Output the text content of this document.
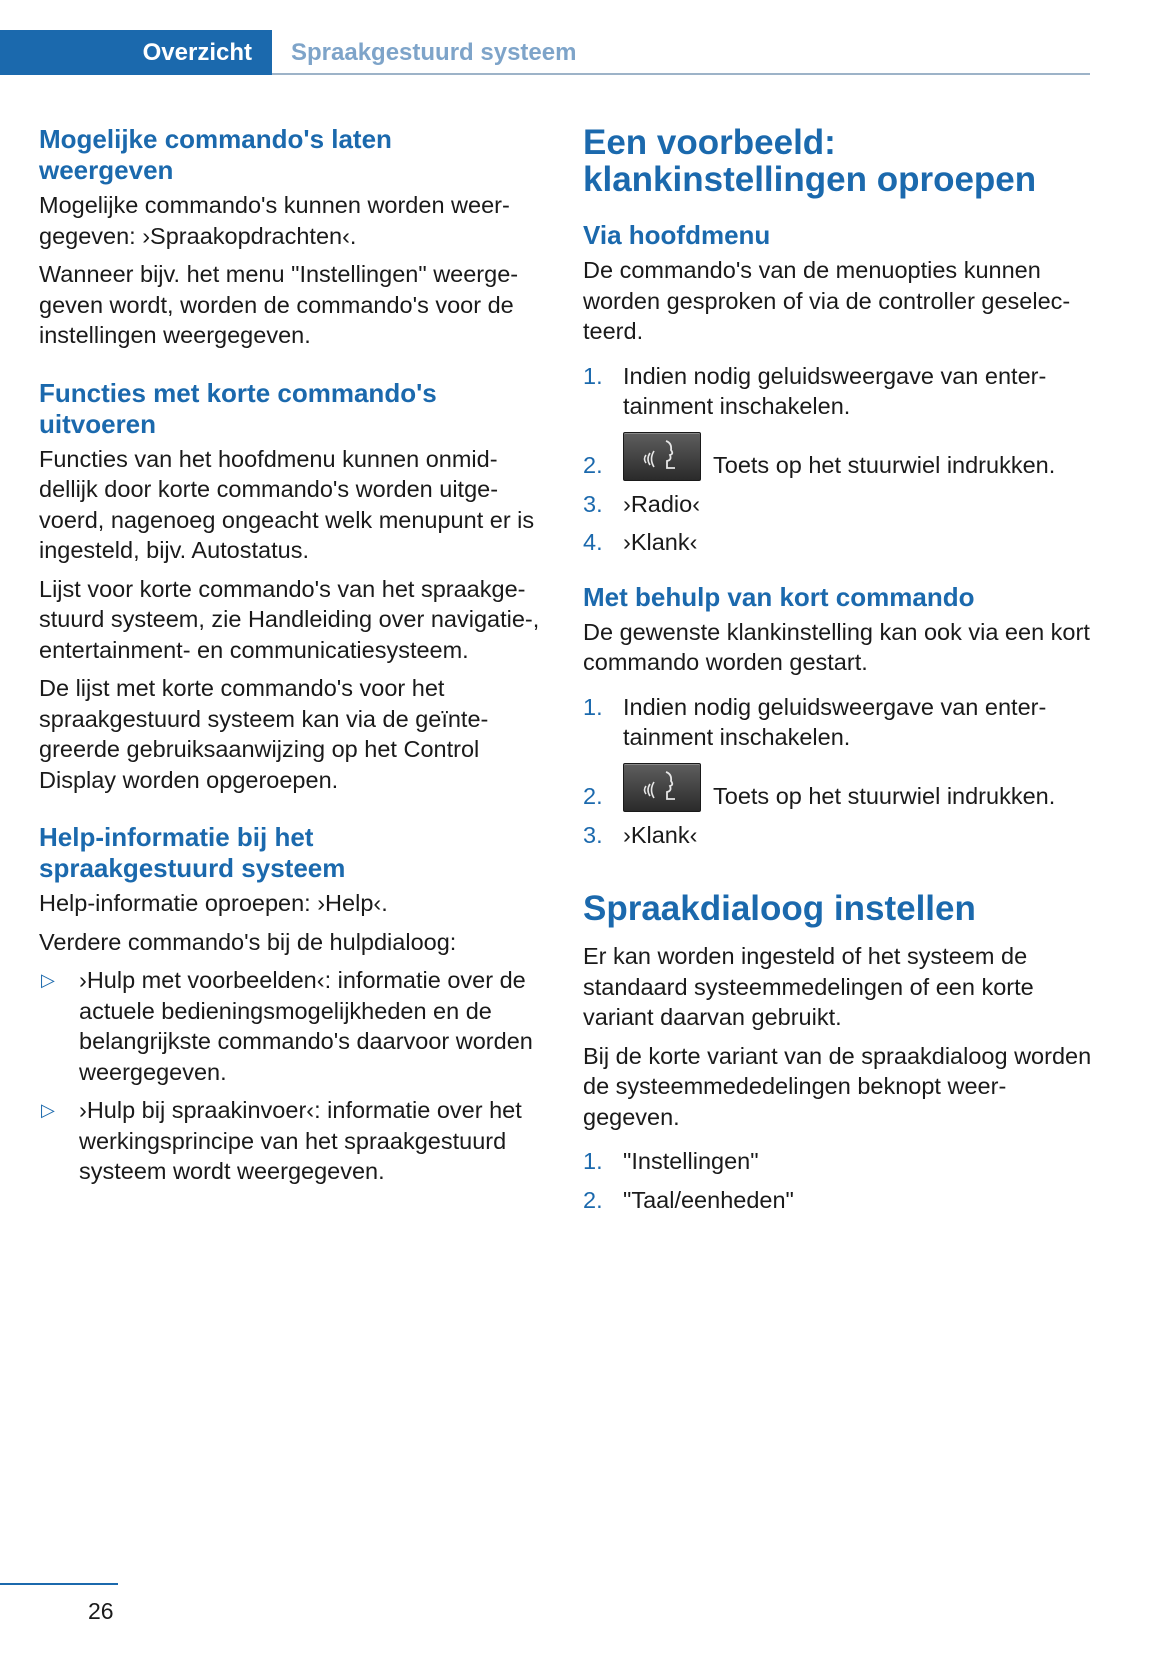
Overzicht	Spraakgestuurd systeem
Mogelijke commando's laten weergeven

Mogelijke commando's kunnen worden weergegeven: ›Spraakopdrachten‹.

Wanneer bijv. het menu "Instellingen" weergegeven wordt, worden de commando's voor de instellingen weergegeven.

Functies met korte commando's uitvoeren

Functies van het hoofdmenu kunnen onmiddellijk door korte commando's worden uitgevoerd, nagenoeg ongeacht welk menupunt er is ingesteld, bijv. Autostatus.

Lijst voor korte commando's van het spraakgestuurd systeem, zie Handleiding over navigatie-, entertainment- en communicatiesysteem.

De lijst met korte commando's voor het spraakgestuurd systeem kan via de geïntegreerde gebruiksaanwijzing op het Control Display worden opgeroepen.

Help-informatie bij het spraakgestuurd systeem

Help-informatie oproepen: ›Help‹.

Verdere commando's bij de hulpdialoog:

▷ ›Hulp met voorbeelden‹: informatie over de actuele bedieningsmogelijkheden en de belangrijkste commando's daarvoor worden weergegeven.
▷ ›Hulp bij spraakinvoer‹: informatie over het werkingsprincipe van het spraakgestuurd systeem wordt weergegeven.
Een voorbeeld: klankinstellingen oproepen
Via hoofdmenu

De commando's van de menuopties kunnen worden gesproken of via de controller geselecteerd.

1. Indien nodig geluidsweergave van entertainment inschakelen.
2.	Toets op het stuurwiel indrukken.
3. ›Radio‹
4. ›Klank‹
Met behulp van kort commando

De gewenste klankinstelling kan ook via een kort commando worden gestart.

1. Indien nodig geluidsweergave van entertainment inschakelen.
2.	Toets op het stuurwiel indrukken.
3. ›Klank‹
Spraakdialoog instellen

Er kan worden ingesteld of het systeem de standaard systeemmedelingen of een korte variant daarvan gebruikt.

Bij de korte variant van de spraakdialoog worden de systeemmededelingen beknopt weergegeven.

1. "Instellingen"
2. "Taal/eenheden"
26
